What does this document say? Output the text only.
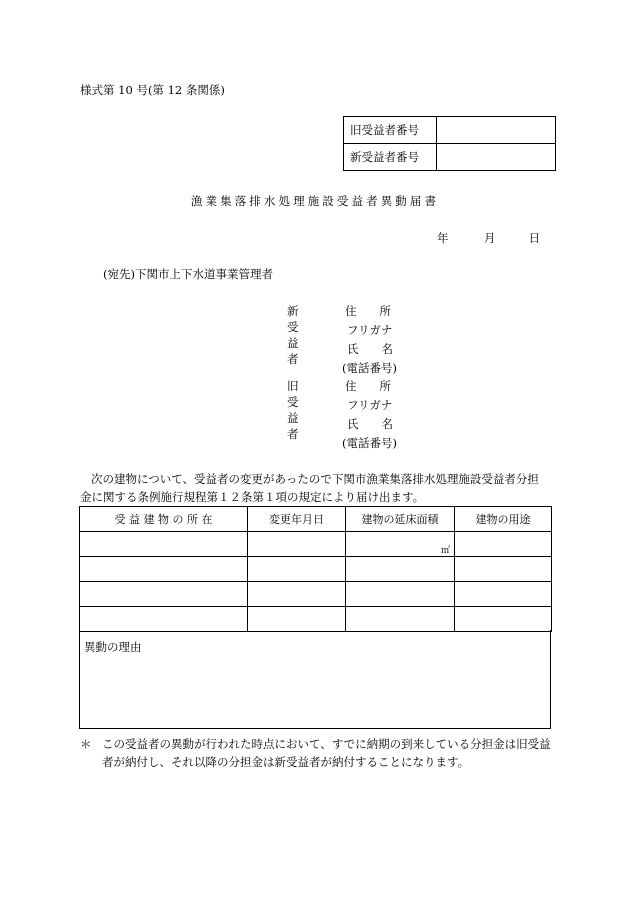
様式第 10 号(第 12 条関係)
旧受益者番号	
新受益者番号	
漁業集落排水処理施設受益者異動届書
年	月	日
(宛先)下関市上下水道事業管理者
新受益者
住　　所
フリガナ
氏　　名
(電話番号)
旧受益者
住　　所
フリガナ
氏　　名
(電話番号)
次の建物について、受益者の変更があったので下関市漁業集落排水処理施設受益者分担金に関する条例施行規程第１２条第１項の規定により届け出ます。
受 益 建 物 の 所 在	変更年月日	建物の延床面積	建物の用途
		㎡	

異動の理由
＊ この受益者の異動が行われた時点において、すでに納期の到来している分担金は旧受益者が納付し、それ以降の分担金は新受益者が納付することになります。
